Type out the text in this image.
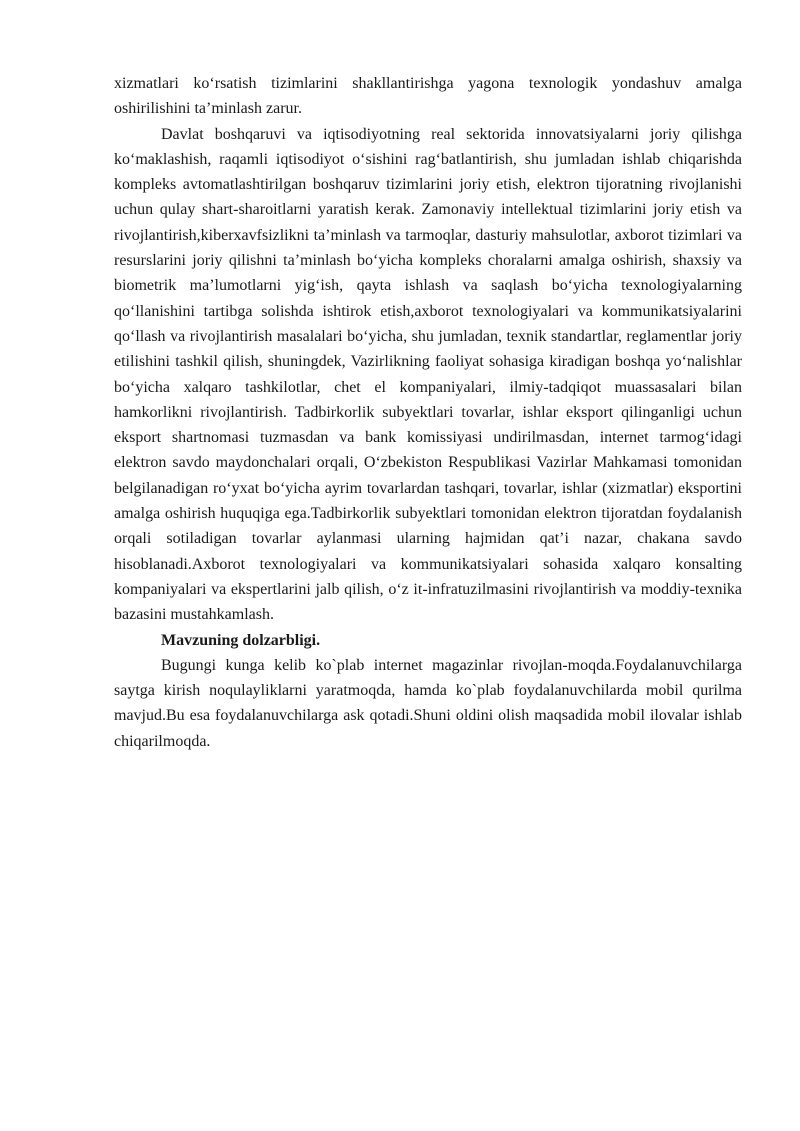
xizmatlari ko‘rsatish tizimlarini shakllantirishga yagona texnologik yondashuv amalga oshirilishini ta’minlash zarur.

Davlat boshqaruvi va iqtisodiyotning real sektorida innovatsiyalarni joriy qilishga ko‘maklashish, raqamli iqtisodiyot o‘sishini rag‘batlantirish, shu jumladan ishlab chiqarishda kompleks avtomatlashtirilgan boshqaruv tizimlarini joriy etish, elektron tijoratning rivojlanishi uchun qulay shart-sharoitlarni yaratish kerak. Zamonaviy intellektual tizimlarini joriy etish va rivojlantirish,kiberxavfsizlikni ta’minlash va tarmoqlar, dasturiy mahsulotlar, axborot tizimlari va resurslarini joriy qilishni ta’minlash bo‘yicha kompleks choralarni amalga oshirish, shaxsiy va biometrik ma’lumotlarni yig‘ish, qayta ishlash va saqlash bo‘yicha texnologiyalarning qo‘llanishini tartibga solishda ishtirok etish,axborot texnologiyalari va kommunikatsiyalarini qo‘llash va rivojlantirish masalalari bo‘yicha, shu jumladan, texnik standartlar, reglamentlar joriy etilishini tashkil qilish, shuningdek, Vazirlikning faoliyat sohasiga kiradigan boshqa yo‘nalishlar bo‘yicha xalqaro tashkilotlar, chet el kompaniyalari, ilmiy-tadqiqot muassasalari bilan hamkorlikni rivojlantirish. Tadbirkorlik subyektlari tovarlar, ishlar eksport qilinganligi uchun eksport shartnomasi tuzmasdan va bank komissiyasi undirilmasdan, internet tarmog‘idagi elektron savdo maydonchalari orqali, O‘zbekiston Respublikasi Vazirlar Mahkamasi tomonidan belgilanadigan ro‘yxat bo‘yicha ayrim tovarlardan tashqari, tovarlar, ishlar (xizmatlar) eksportini amalga oshirish huquqiga ega.Tadbirkorlik subyektlari tomonidan elektron tijoratdan foydalanish orqali sotiladigan tovarlar aylanmasi ularning hajmidan qat’i nazar, chakana savdo hisoblanadi.Axborot texnologiyalari va kommunikatsiyalari sohasida xalqaro konsalting kompaniyalari va ekspertlarini jalb qilish, o‘z it-infratuzilmasini rivojlantirish va moddiy-texnika bazasini mustahkamlash.

Mavzuning dolzarbligi.

Bugungi kunga kelib ko`plab internet magazinlar rivojlan-moqda.Foydalanuvchilarga saytga kirish noqulayliklarni yaratmoqda, hamda ko`plab foydalanuvchilarda mobil qurilma mavjud.Bu esa foydalanuvchilarga ask qotadi.Shuni oldini olish maqsadida mobil ilovalar ishlab chiqarilmoqda.
